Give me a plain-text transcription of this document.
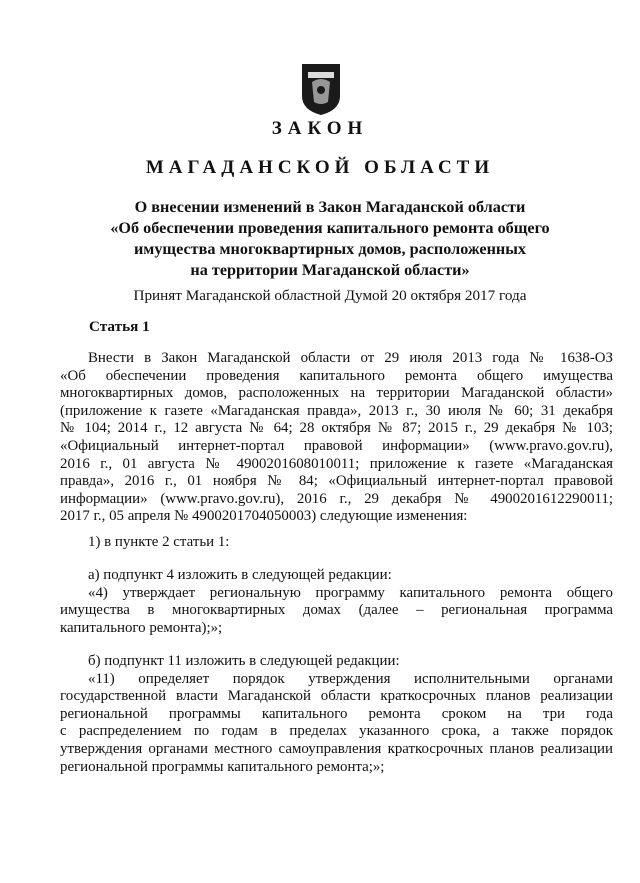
ЗАКОН
МАГАДАНСКОЙ ОБЛАСТИ
О внесении изменений в Закон Магаданской области
«Об обеспечении проведения капитального ремонта общего
имущества многоквартирных домов, расположенных
на территории Магаданской области»
Принят Магаданской областной Думой 20 октября 2017 года
Статья 1
Внести в Закон Магаданской области от 29 июля 2013 года № 1638-ОЗ
«Об обеспечении проведения капитального ремонта общего имущества
многоквартирных домов, расположенных на территории Магаданской области»
(приложение к газете «Магаданская правда», 2013 г., 30 июля № 60; 31 декабря
№ 104; 2014 г., 12 августа № 64; 28 октября № 87; 2015 г., 29 декабря № 103;
«Официальный интернет-портал правовой информации» (www.pravo.gov.ru),
2016 г., 01 августа № 4900201608010011; приложение к газете «Магаданская
правда», 2016 г., 01 ноября № 84; «Официальный интернет-портал правовой
информации» (www.pravo.gov.ru), 2016 г., 29 декабря № 4900201612290011;
2017 г., 05 апреля № 4900201704050003) следующие изменения:
1) в пункте 2 статьи 1:
а) подпункт 4 изложить в следующей редакции:
«4) утверждает региональную программу капитального ремонта общего
имущества в многоквартирных домах (далее – региональная программа
капитального ремонта);»;
б) подпункт 11 изложить в следующей редакции:
«11) определяет порядок утверждения исполнительными органами
государственной власти Магаданской области краткосрочных планов реализации
региональной программы капитального ремонта сроком на три года
с распределением по годам в пределах указанного срока, а также порядок
утверждения органами местного самоуправления краткосрочных планов реализации
региональной программы капитального ремонта;»;
